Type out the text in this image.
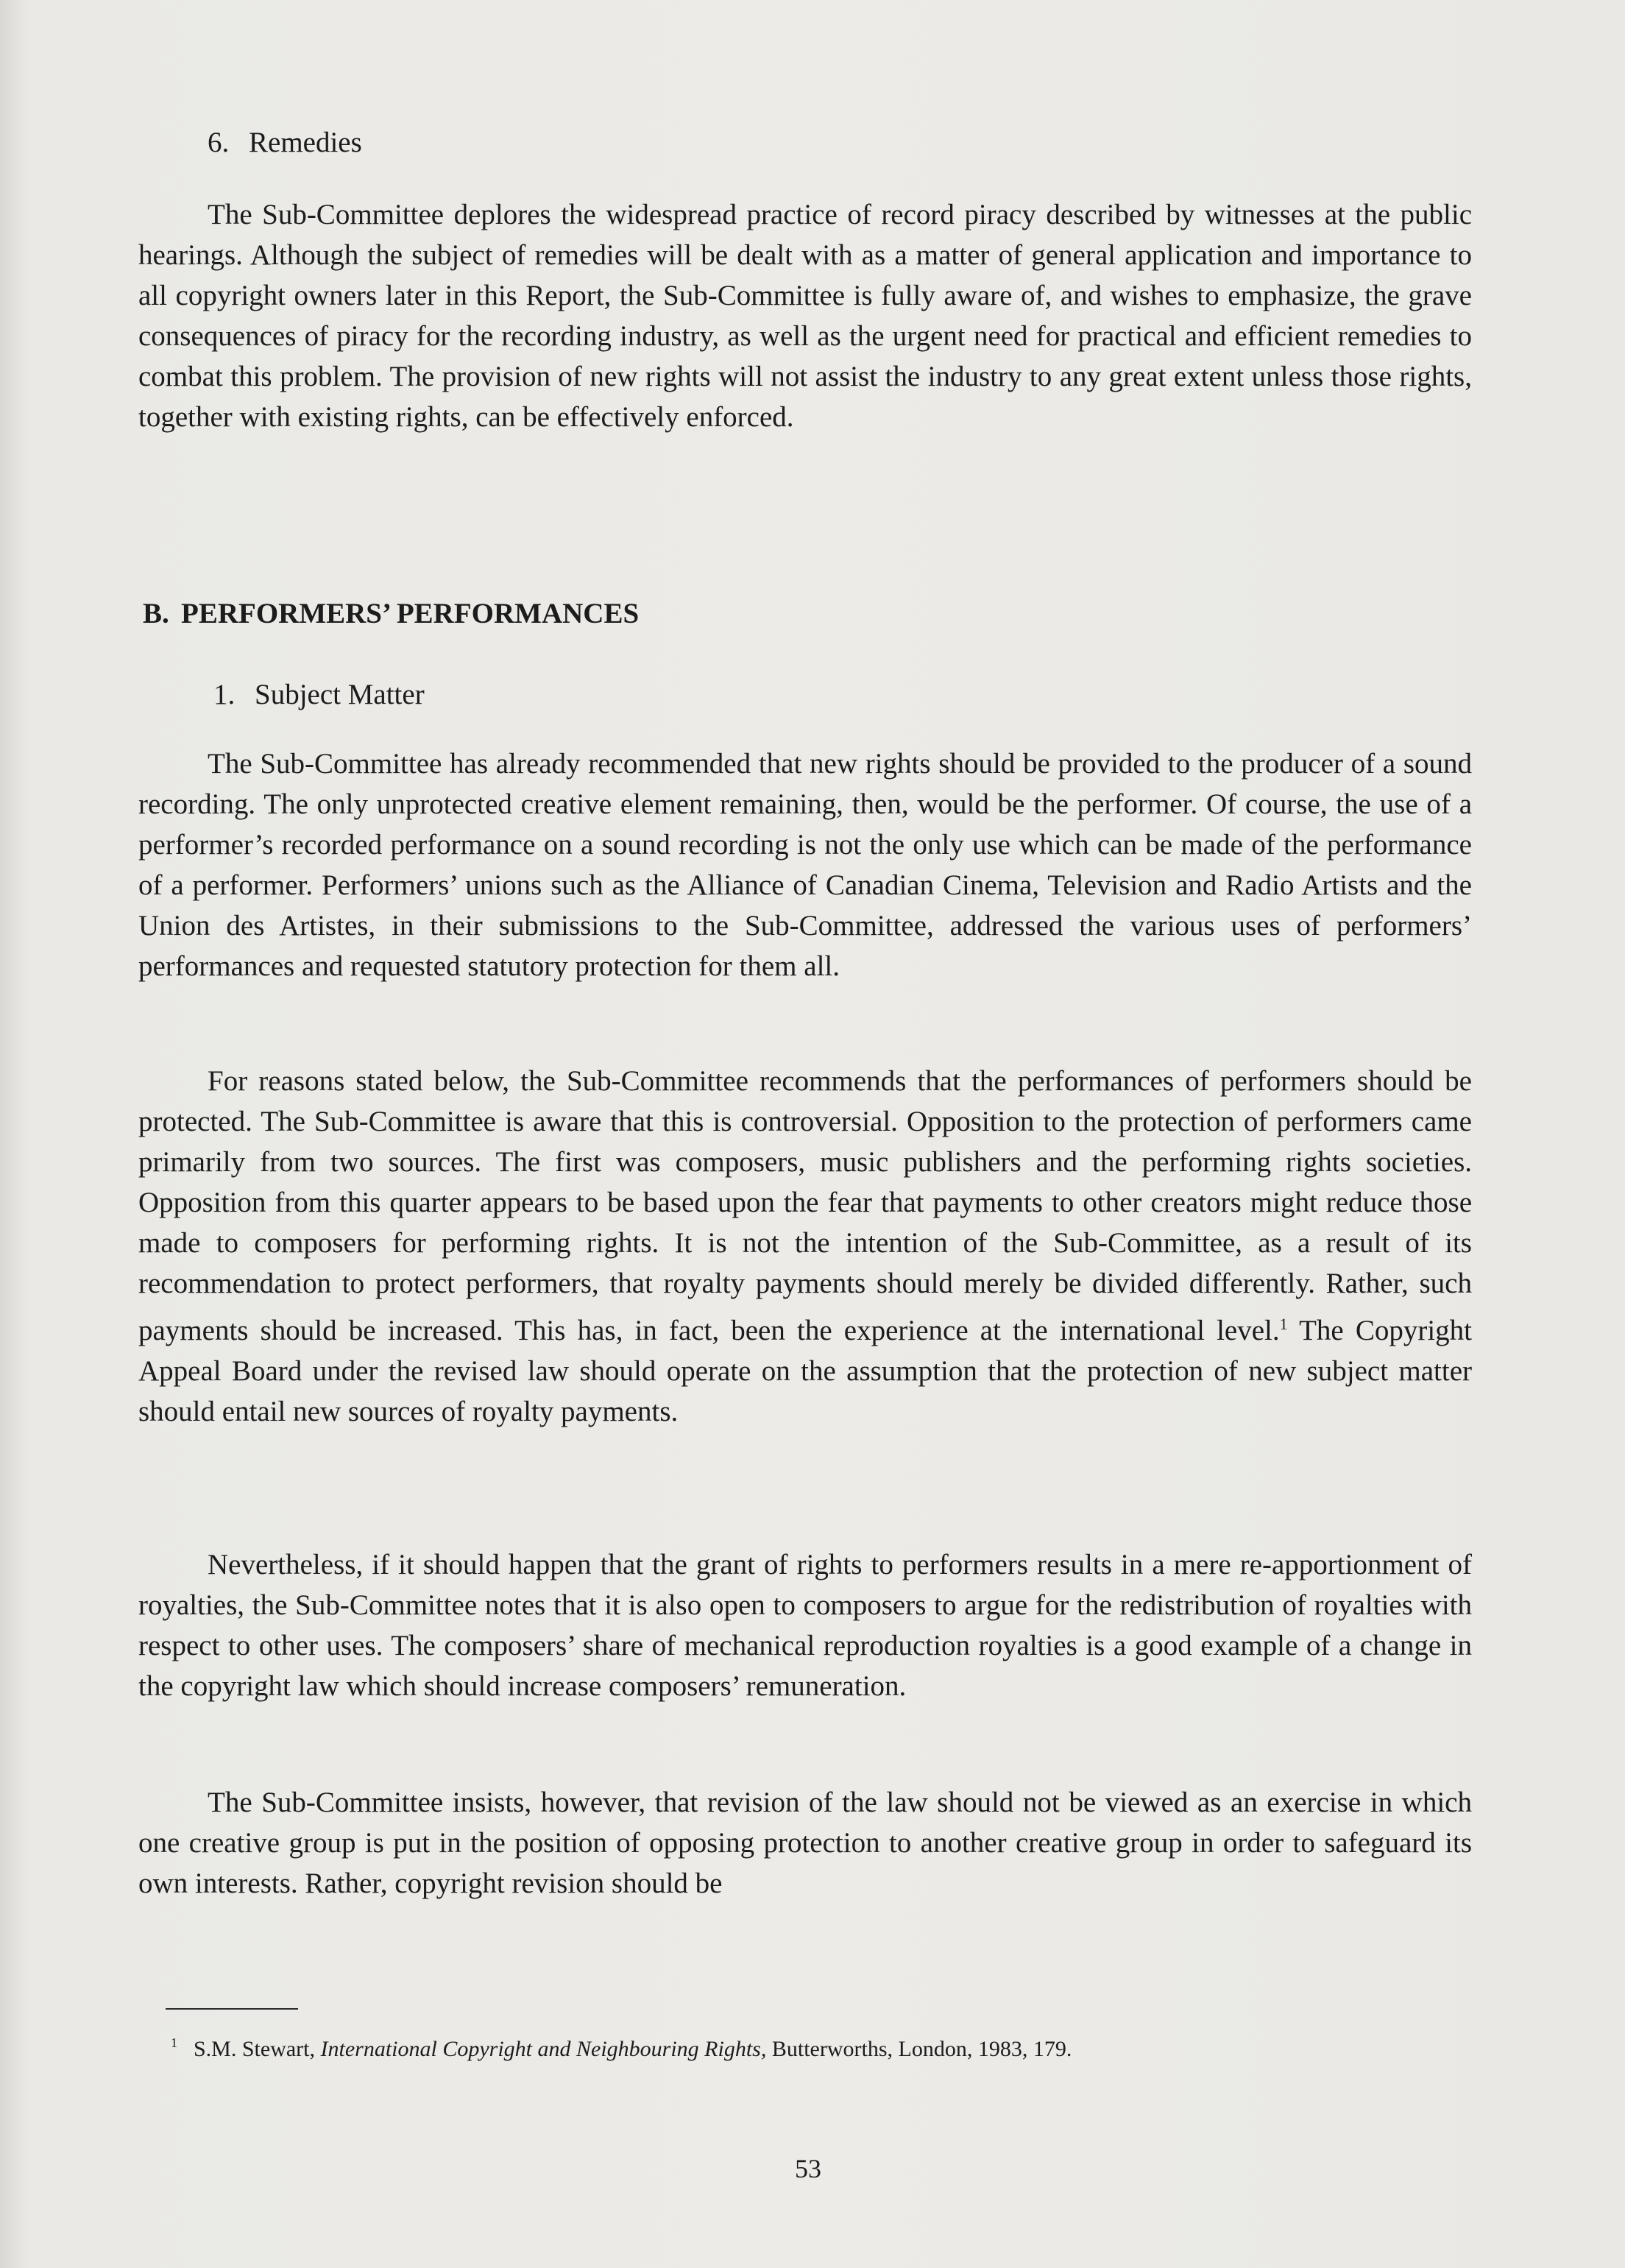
6. Remedies

The Sub-Committee deplores the widespread practice of record piracy described by witnesses at the public hearings. Although the subject of remedies will be dealt with as a matter of general application and importance to all copyright owners later in this Report, the Sub-Committee is fully aware of, and wishes to emphasize, the grave consequences of piracy for the recording industry, as well as the urgent need for practical and efficient remedies to combat this problem. The provision of new rights will not assist the industry to any great extent unless those rights, together with existing rights, can be effectively enforced.

B. PERFORMERS’ PERFORMANCES
1. Subject Matter

The Sub-Committee has already recommended that new rights should be provided to the producer of a sound recording. The only unprotected creative element remaining, then, would be the performer. Of course, the use of a performer’s recorded performance on a sound recording is not the only use which can be made of the performance of a performer. Performers’ unions such as the Alliance of Canadian Cinema, Television and Radio Artists and the Union des Artistes, in their submissions to the Sub-Committee, addressed the various uses of performers’ performances and requested statutory protection for them all.

For reasons stated below, the Sub-Committee recommends that the performances of performers should be protected. The Sub-Committee is aware that this is controversial. Opposition to the protection of performers came primarily from two sources. The first was composers, music publishers and the performing rights societies. Opposition from this quarter appears to be based upon the fear that payments to other creators might reduce those made to composers for performing rights. It is not the intention of the Sub-Committee, as a result of its recommendation to protect performers, that royalty payments should merely be divided differently. Rather, such payments should be increased. This has, in fact, been the experience at the international level.$^1$ The Copyright Appeal Board under the revised law should operate on the assumption that the protection of new subject matter should entail new sources of royalty payments.

Nevertheless, if it should happen that the grant of rights to performers results in a mere re-apportionment of royalties, the Sub-Committee notes that it is also open to composers to argue for the redistribution of royalties with respect to other uses. The composers’ share of mechanical reproduction royalties is a good example of a change in the copyright law which should increase composers’ remuneration.

The Sub-Committee insists, however, that revision of the law should not be viewed as an exercise in which one creative group is put in the position of opposing protection to another creative group in order to safeguard its own interests. Rather, copyright revision should be

$^1$ S.M. Stewart, International Copyright and Neighbouring Rights, Butterworths, London, 1983, 179.
53
